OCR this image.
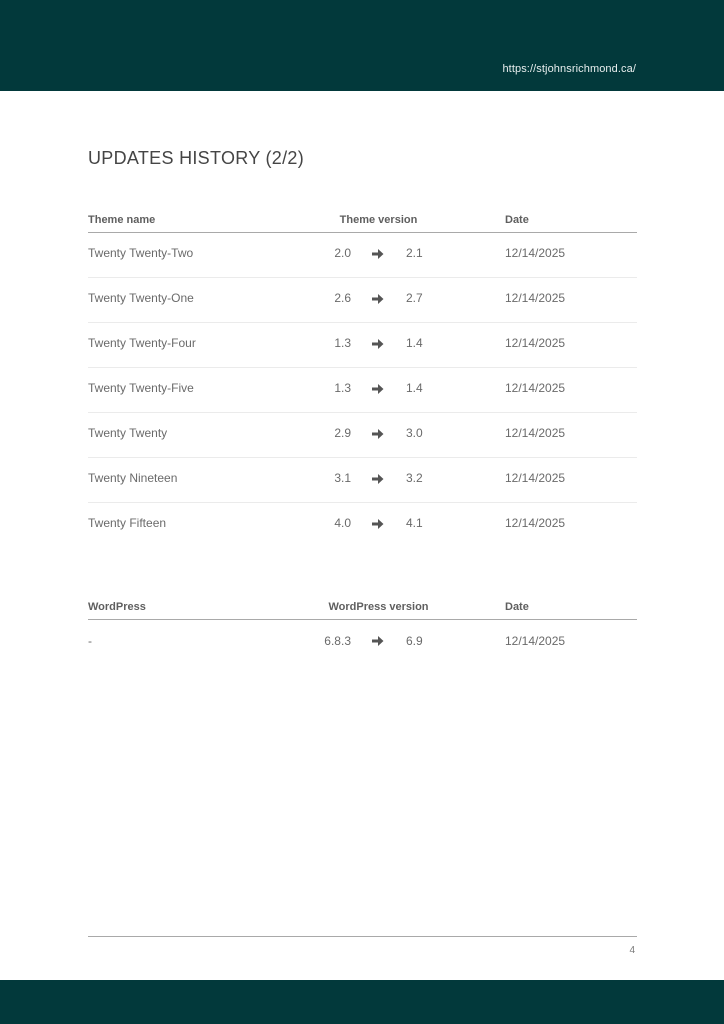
https://stjohnsrichmond.ca/
UPDATES HISTORY (2/2)
Theme name	Theme version	Date
Twenty Twenty-Two	2.0	2.1	12/14/2025
Twenty Twenty-One	2.6	2.7	12/14/2025
Twenty Twenty-Four	1.3	1.4	12/14/2025
Twenty Twenty-Five	1.3	1.4	12/14/2025
Twenty Twenty	2.9	3.0	12/14/2025
Twenty Nineteen	3.1	3.2	12/14/2025
Twenty Fifteen	4.0	4.1	12/14/2025
WordPress	WordPress version	Date
-	6.8.3	6.9	12/14/2025
4
